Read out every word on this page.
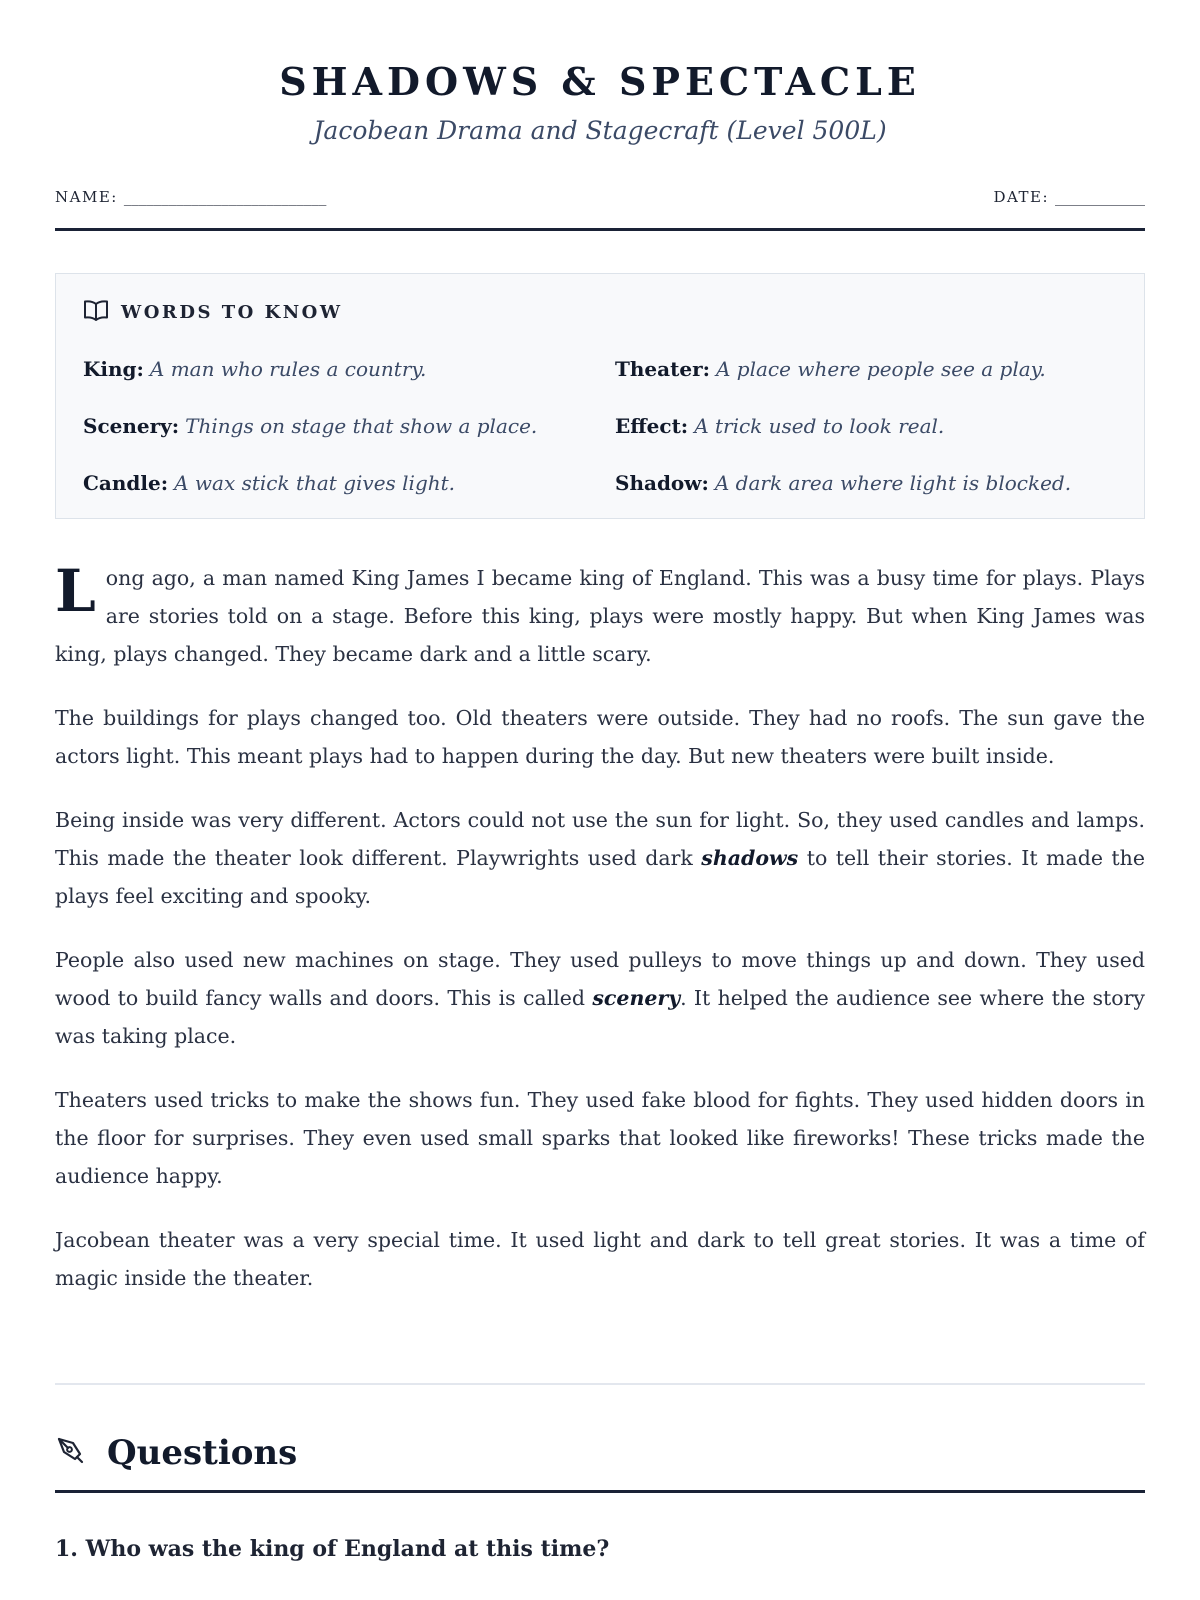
SHADOWS & SPECTACLE
Jacobean Drama and Stagecraft (Level 500L)
NAME: ___________________________	DATE: ____________
WORDS TO KNOW
King: A man who rules a country.	Theater: A place where people see a play.
Scenery: Things on stage that show a place.	Effect: A trick used to look real.
Candle: A wax stick that gives light.	Shadow: A dark area where light is blocked.

Long ago, a man named King James I became king of England. This was a busy time for plays. Plays are stories told on a stage. Before this king, plays were mostly happy. But when King James was king, plays changed. They became dark and a little scary.

The buildings for plays changed too. Old theaters were outside. They had no roofs. The sun gave the actors light. This meant plays had to happen during the day. But new theaters were built inside.

Being inside was very different. Actors could not use the sun for light. So, they used candles and lamps. This made the theater look different. Playwrights used dark shadows to tell their stories. It made the plays feel exciting and spooky.

People also used new machines on stage. They used pulleys to move things up and down. They used wood to build fancy walls and doors. This is called scenery. It helped the audience see where the story was taking place.

Theaters used tricks to make the shows fun. They used fake blood for fights. They used hidden doors in the floor for surprises. They even used small sparks that looked like fireworks! These tricks made the audience happy.

Jacobean theater was a very special time. It used light and dark to tell great stories. It was a time of magic inside the theater.

Questions
1. Who was the king of England at this time?
